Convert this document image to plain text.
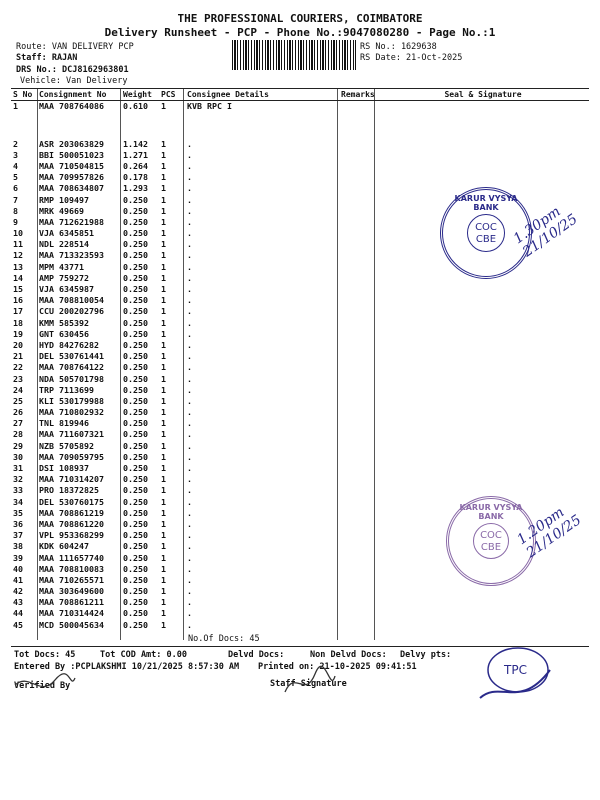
THE PROFESSIONAL COURIERS, COIMBATORE
Delivery Runsheet - PCP - Phone No.:9047080280 - Page No.:1
Route: VAN DELIVERY PCP
Staff: RAJAN
DRS No.: DCJ8162963801
Vehicle: Van Delivery
RS No.: 1629638
RS Date: 21-Oct-2025
S No	Consignment No	Weight	PCS	Consignee Details	Remarks	Seal & Signature
1	MAA 708764086	0.610	1	KVB RPC I		
2	ASR 203063829	1.142	1	.		
3	BBI 500051023	1.271	1	.		
4	MAA 710504815	0.264	1	.		
5	MAA 709957826	0.178	1	.		
6	MAA 708634807	1.293	1	.		
7	RMP 109497	0.250	1	.		
8	MRK 49669	0.250	1	.		
9	MAA 712621988	0.250	1	.		
10	VJA 6345851	0.250	1	.		
11	NDL 228514	0.250	1	.		
12	MAA 713323593	0.250	1	.		
13	MPM 43771	0.250	1	.		
14	AMP 759272	0.250	1	.		
15	VJA 6345987	0.250	1	.		
16	MAA 708810054	0.250	1	.		
17	CCU 200202796	0.250	1	.		
18	KMM 585392	0.250	1	.		
19	GNT 630456	0.250	1	.		
20	HYD 84276282	0.250	1	.		
21	DEL 530761441	0.250	1	.		
22	MAA 708764122	0.250	1	.		
23	NDA 505701798	0.250	1	.		
24	TRP 7113699	0.250	1	.		
25	KLI 530179988	0.250	1	.		
26	MAA 710802932	0.250	1	.		
27	TNL 819946	0.250	1	.		
28	MAA 711607321	0.250	1	.		
29	NZB 5705892	0.250	1	.		
30	MAA 709059795	0.250	1	.		
31	DSI 108937	0.250	1	.		
32	MAA 710314207	0.250	1	.		
33	PRO 18372825	0.250	1	.		
34	DEL 530760175	0.250	1	.		
35	MAA 708861219	0.250	1	.		
36	MAA 708861220	0.250	1	.		
37	VPL 953368299	0.250	1	.		
38	KDK 604247	0.250	1	.		
39	MAA 111657740	0.250	1	.		
40	MAA 708810083	0.250	1	.		
41	MAA 710265571	0.250	1	.		
42	MAA 303649600	0.250	1	.		
43	MAA 708861211	0.250	1	.		
44	MAA 710314424	0.250	1	.		
45	MCD 500045634	0.250	1	.		
No.Of Docs: 45
Tot Docs: 45	Tot COD Amt: 0.00	Delvd Docs:	Non Delvd Docs: Delvy pts:
Entered By :PCPLAKSHMI 10/21/2025 8:57:30 AM Printed on: 21-10-2025 09:41:51
Verified By	Staff Signature
KARUR VYSYA BANK
COC
CBE	1.30pm 21/10/25
KARUR VYSYA BANK
COC
CBE 1.20pm 21/10/25
TPC
